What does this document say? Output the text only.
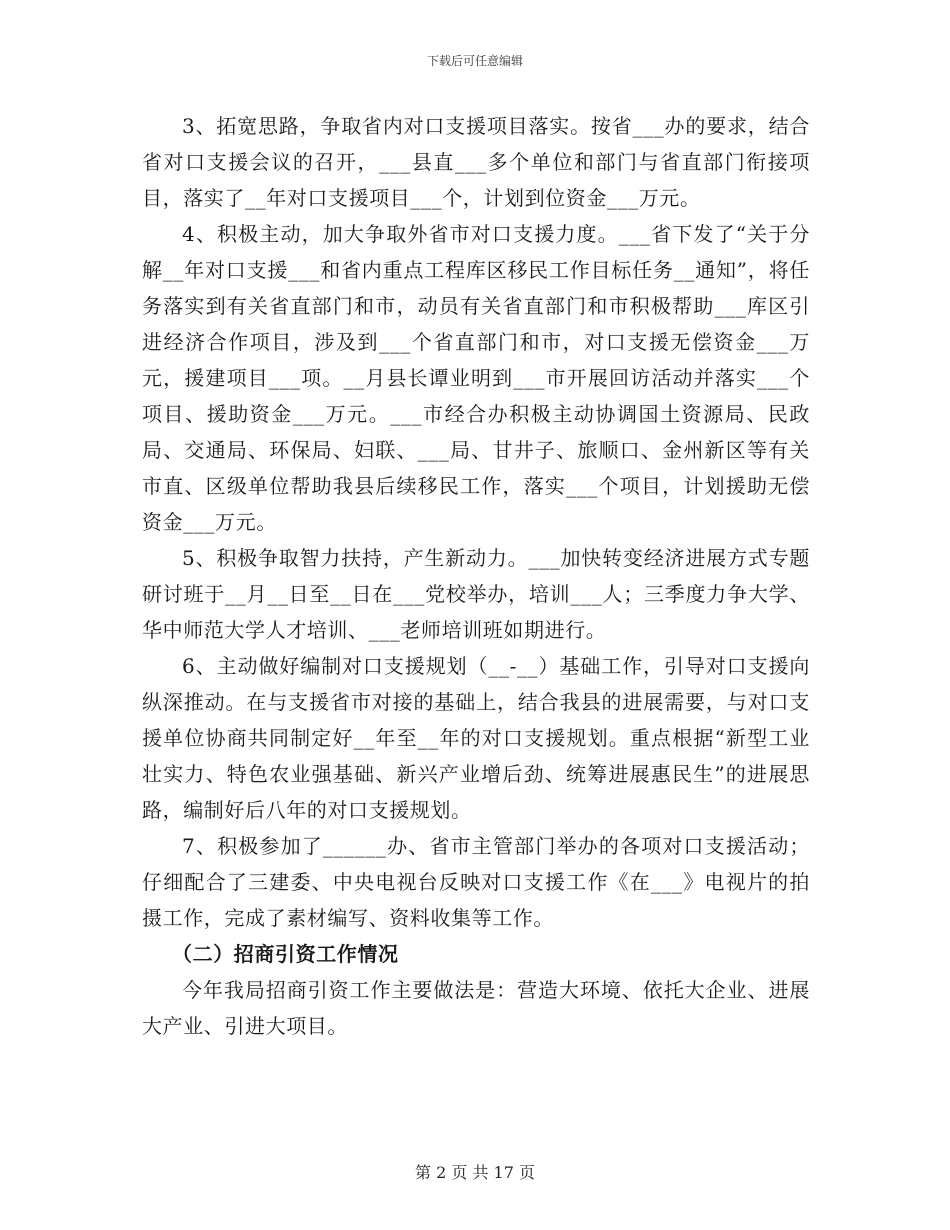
下载后可任意编辑

3、拓宽思路，争取省内对口支援项目落实。按省___办的要求，结合省对口支援会议的召开，___县直___多个单位和部门与省直部门衔接项目，落实了__年对口支援项目___个，计划到位资金___万元。

4、积极主动，加大争取外省市对口支援力度。___省下发了“关于分解__年对口支援___和省内重点工程库区移民工作目标任务__通知”，将任务落实到有关省直部门和市，动员有关省直部门和市积极帮助___库区引进经济合作项目，涉及到___个省直部门和市，对口支援无偿资金___万元，援建项目___项。__月县长谭业明到___市开展回访活动并落实___个项目、援助资金___万元。___市经合办积极主动协调国土资源局、民政局、交通局、环保局、妇联、___局、甘井子、旅顺口、金州新区等有关市直、区级单位帮助我县后续移民工作，落实___个项目，计划援助无偿资金___万元。

5、积极争取智力扶持，产生新动力。___加快转变经济进展方式专题研讨班于__月__日至__日在___党校举办，培训___人；三季度力争大学、华中师范大学人才培训、___老师培训班如期进行。

6、主动做好编制对口支援规划（__-__）基础工作，引导对口支援向纵深推动。在与支援省市对接的基础上，结合我县的进展需要，与对口支援单位协商共同制定好__年至__年的对口支援规划。重点根据“新型工业壮实力、特色农业强基础、新兴产业增后劲、统筹进展惠民生”的进展思路，编制好后八年的对口支援规划。

7、积极参加了______办、省市主管部门举办的各项对口支援活动；仔细配合了三建委、中央电视台反映对口支援工作《在___》电视片的拍摄工作，完成了素材编写、资料收集等工作。

（二）招商引资工作情况

今年我局招商引资工作主要做法是：营造大环境、依托大企业、进展大产业、引进大项目。

第 2 页 共 17 页
